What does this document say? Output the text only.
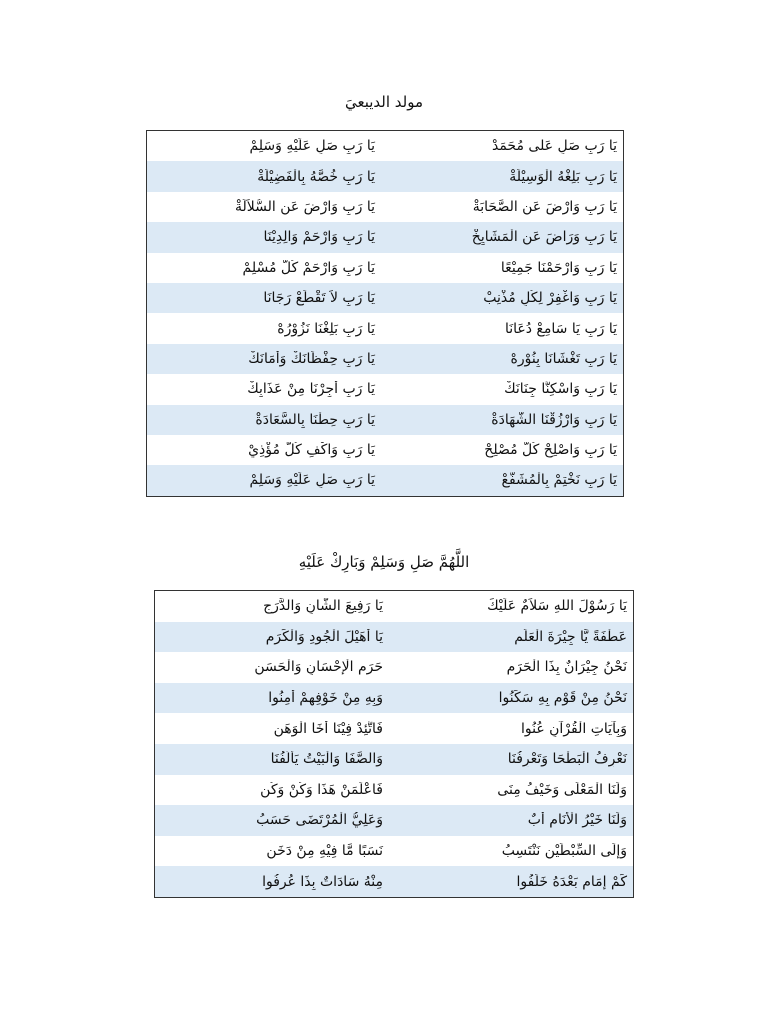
مولد الديبعيَ
يَا رَبِ صَلِ عَلى مُحَمَدْ
يَا رَبِ صَلِ عَلَيْهِ وَسَلِمْ
يَا رَبِ بَلِغْهُ الْوَسِيْلَةْ
يَا رَبِ خُصَّهُ بِالْفَضِيْلَةْ
يَا رَبِ وَارْضَ عَنِ الصَّحَابَةْ
يَا رَبِ وَارْضَ عَنِ السُّلاَلَةْ
يَا رَبِ وَرَاضَ عَنِ الْمَشَايِخْ
يَا رَبِ وَارْحَمْ وَالِدِيْنَا
يَا رَبِ وَارْحَمْنَا جَمِيْعًا
يَا رَبِ وَارْحَمْ كُلَّ مُسْلِمْ
يَا رَبِ وَاغْفِرْ لِكُلِ مُذْنِبْ
يَا رَبِ لاَ تَقْطَعْ رَجَانَا
يَا رَبِ يَا سَامِعْ دُعَانَا
يَا رَبِ بَلِغْنَا نَزُوْرُهْ
يَا رَبِ تَغْشَانَا بِنُوْرِهْ
يَا رَبِ حِفْظَانَكْ وَأَمَانَكْ
يَا رَبِ وَاسْكِنَّا جِنَانَكْ
يَا رَبِ أَجِرْنَا مِنْ عَذَابِكْ
يَا رَبِ وَارْزُقْنَا الشَّهَادَةْ
يَا رَبِ حِطْنَا بِالسَّعَادَةْ
يَا رَبِ وَاصْلِحْ كُلَّ مُصْلِحْ
يَا رَبِ وَاكْفِ كُلَّ مُؤْذِيْ
يَا رَبِ نَخْتِمْ بِالْمُشَفَّعْ
يَا رَبِ صَلِ عَلَيْهِ وَسَلِمْ
اللَّهُمَّ صَلِ وَسَلِمْ وَبَارِكْ عَلَيْهِ
يَا رَسُوْلَ اللهِ سَلاَمٌ عَلَيْكَ
يَا رَفِيعَ الشَّانِ وَالدَّرَجِ
عَطْفَةً يَّا جِيْرَةَ الْعَلَمِ
يَا أُهَيْلَ الْجُودِ وَالْكَرَمِ
نَحْنُ جِيْرَانٌ بِذَا الْحَرَمِ
حَرَمِ الْإِحْسَانِ وَالْحَسَنِ
نَحْنُ مِنْ قَوْمٍ بِهِ سَكَنُوا
وَبِهِ مِنْ خَوْفِهِمْ أَمِنُوا
وَبِآيَاتِ الْقُرْآنِ عُنُوا
فَاتَّئِدْ فِيْنَا أَخَا الْوَهَنِ
نَعْرِفُ الْبَطْحَا وَتَعْرِفُنَا
وَالصَّفَا وَالْبَيْتُ يَأْلُفُنَا
وَلَنَا الْمَعْلَى وَخَيْفُ مِنَى
فَاعْلَمَنْ هَذَا وَكُنْ وَكُنِ
وَلَنَا خَيْرُ الْأَنَامِ أَبٌ
وَعَلِيُّ الْمُرْتَضَى حَسَبُ
وَإِلَى السِّبْطَيْنِ نَنْتَسِبُ
نَسَبًا مَّا فِيْهِ مِنْ دَخَنِ
كَمْ إِمَامٍ بَعْدَهُ خَلَفُوا
مِنْهُ سَادَاتٌ بِذَا عُرِفُوا
